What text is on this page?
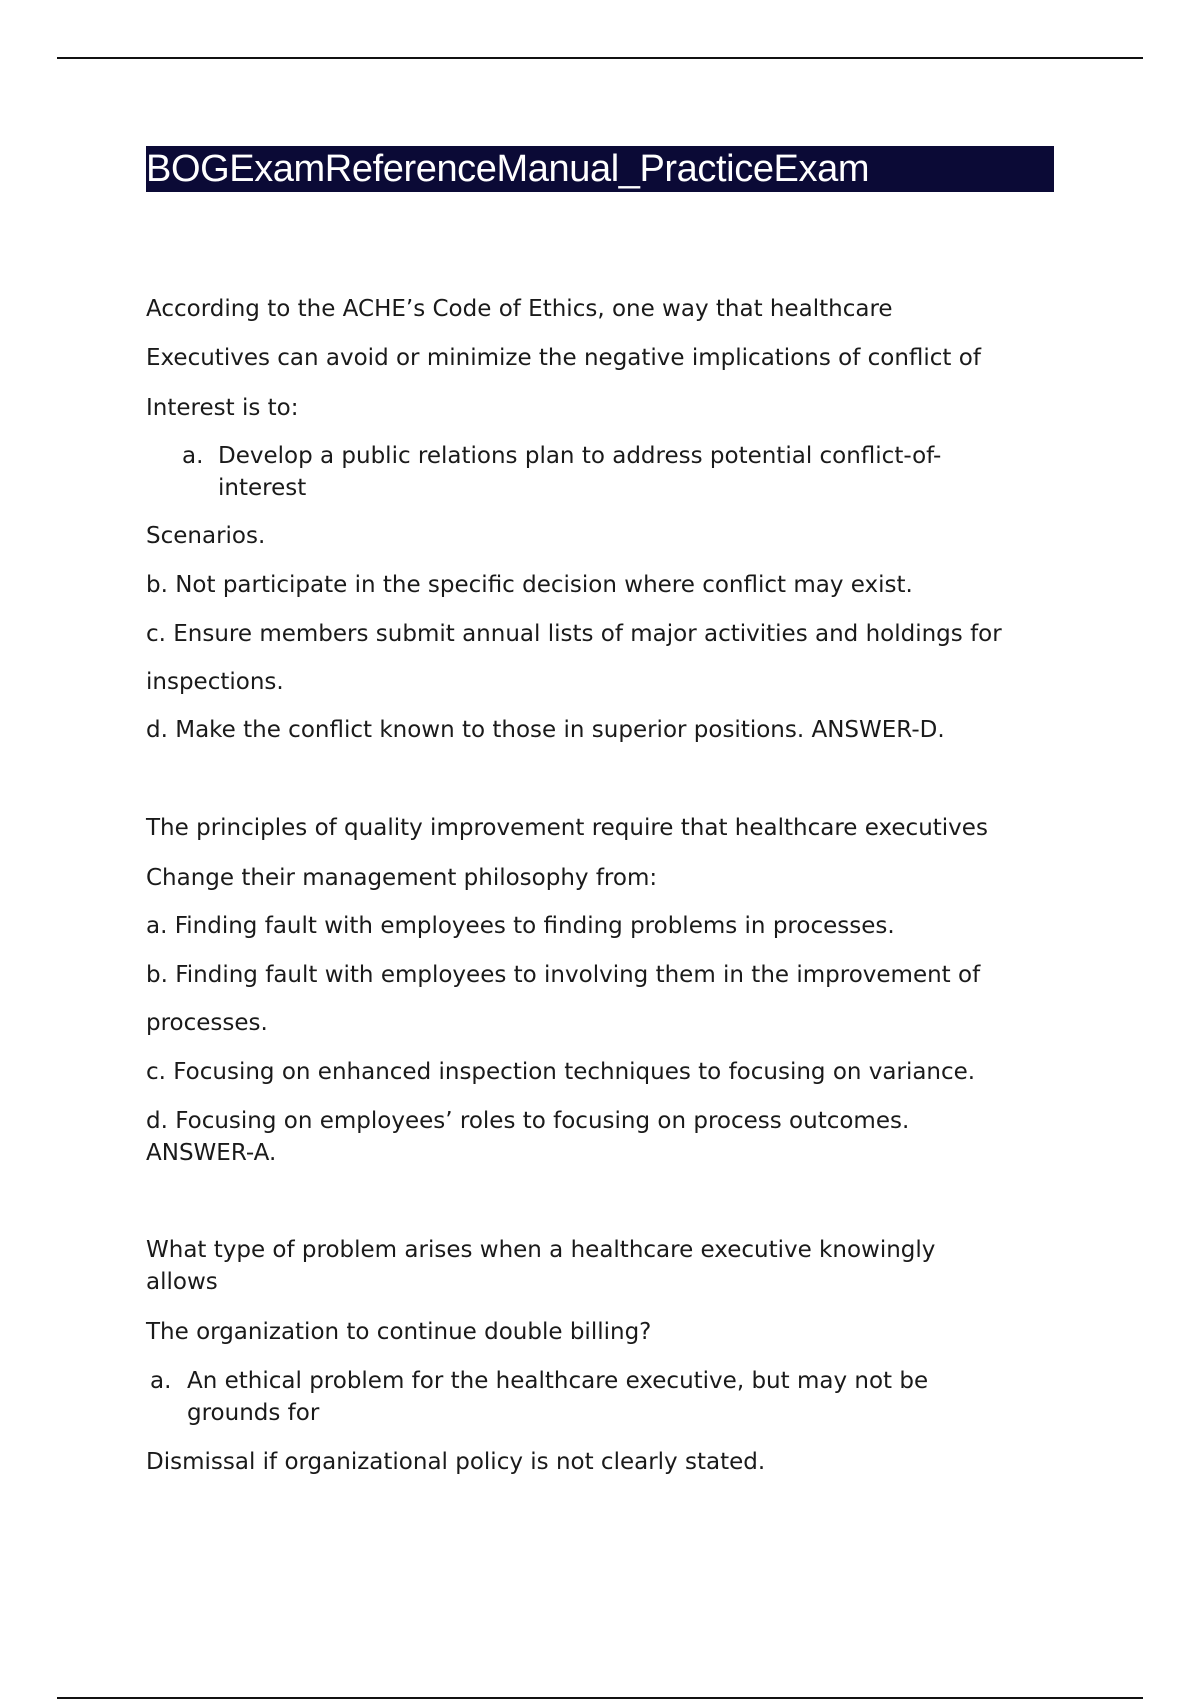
BOGExamReferenceManual_PracticeExam
According to the ACHE’s Code of Ethics, one way that healthcare
Executives can avoid or minimize the negative implications of conflict of
Interest is to:
a. Develop a public relations plan to address potential conflict-of-
interest
Scenarios.
b. Not participate in the specific decision where conflict may exist.
c. Ensure members submit annual lists of major activities and holdings for
inspections.
d. Make the conflict known to those in superior positions. ANSWER-D.
The principles of quality improvement require that healthcare executives
Change their management philosophy from:
a. Finding fault with employees to finding problems in processes.
b. Finding fault with employees to involving them in the improvement of
processes.
c. Focusing on enhanced inspection techniques to focusing on variance.
d. Focusing on employees’ roles to focusing on process outcomes.
ANSWER-A.
What type of problem arises when a healthcare executive knowingly
allows
The organization to continue double billing?
a. An ethical problem for the healthcare executive, but may not be
grounds for
Dismissal if organizational policy is not clearly stated.
